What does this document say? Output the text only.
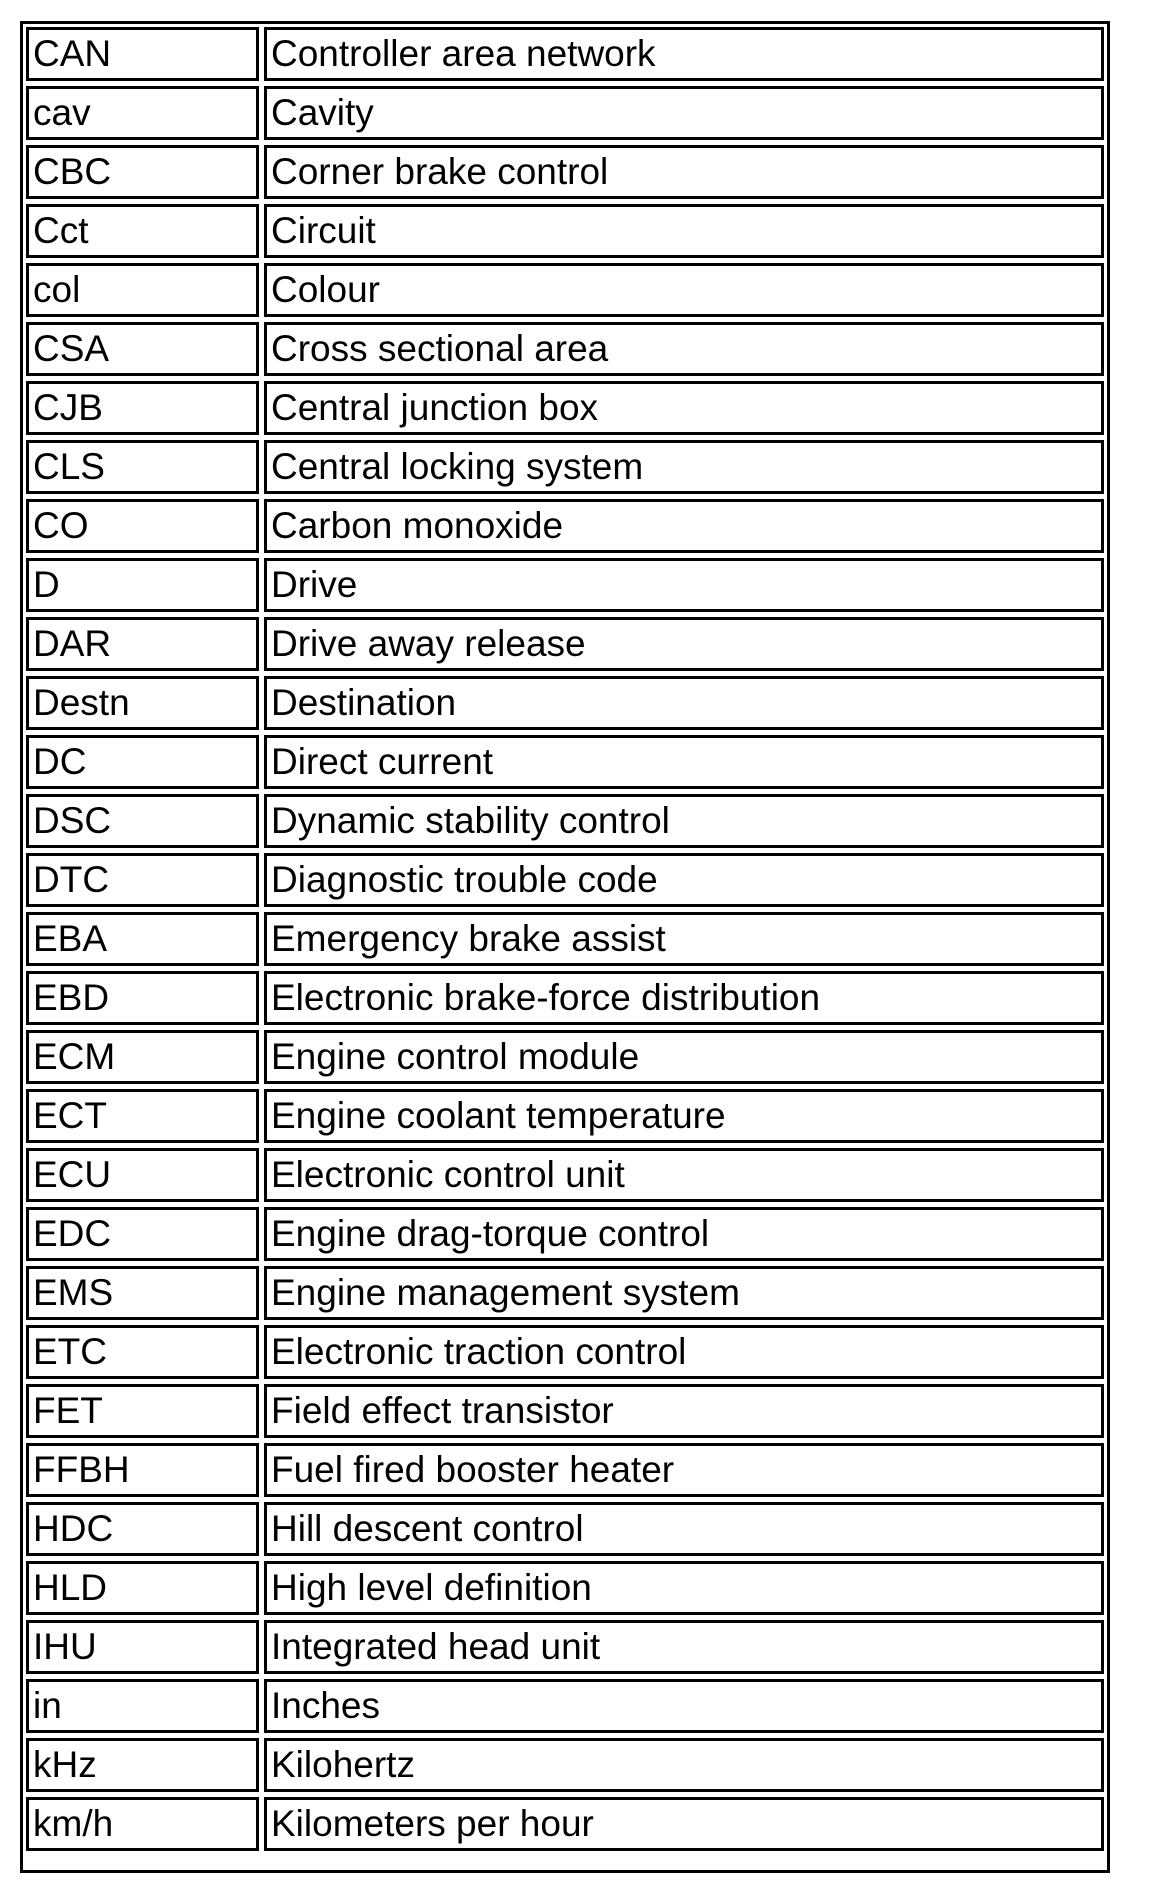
CAN	Controller area network
cav	Cavity
CBC	Corner brake control
Cct	Circuit
col	Colour
CSA	Cross sectional area
CJB	Central junction box
CLS	Central locking system
CO	Carbon monoxide
D	Drive
DAR	Drive away release
Destn	Destination
DC	Direct current
DSC	Dynamic stability control
DTC	Diagnostic trouble code
EBA	Emergency brake assist
EBD	Electronic brake-force distribution
ECM	Engine control module
ECT	Engine coolant temperature
ECU	Electronic control unit
EDC	Engine drag-torque control
EMS	Engine management system
ETC	Electronic traction control
FET	Field effect transistor
FFBH	Fuel fired booster heater
HDC	Hill descent control
HLD	High level definition
IHU	Integrated head unit
in	Inches
kHz	Kilohertz
km/h	Kilometers per hour
